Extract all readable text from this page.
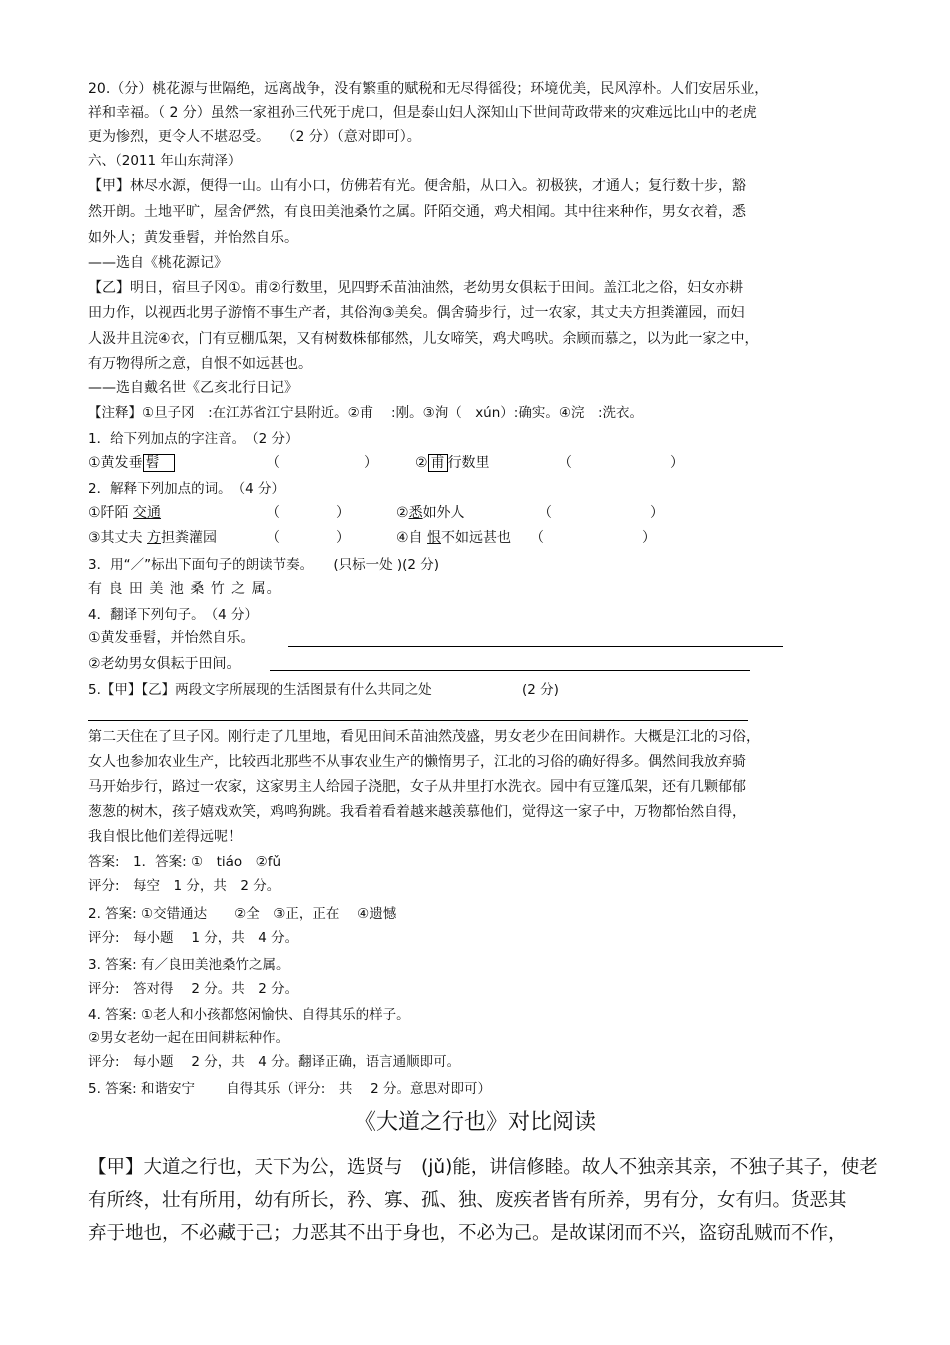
20.（分）桃花源与世隔绝，远离战争，没有繁重的赋税和无尽得徭役；环境优美，民风淳朴。人们安居乐业，
祥和幸福。（ 2 分）虽然一家祖孙三代死于虎口，但是泰山妇人深知山下世间苛政带来的灾难远比山中的老虎
更为惨烈，更令人不堪忍受。　 （2 分）（意对即可）。
六、（2011 年山东菏泽）
【甲】林尽水源，便得一山。山有小口，仿佛若有光。便舍船，从口入。初极狭，才通人；复行数十步，豁
然开朗。土地平旷，屋舍俨然，有良田美池桑竹之属。阡陌交通，鸡犬相闻。其中往来种作，男女衣着，悉
如外人；黄发垂髫，并怡然自乐。
——选自《桃花源记》
【乙】明日，宿旦子冈①。甫②行数里，见四野禾苗油油然，老幼男女俱耘于田间。盖江北之俗，妇女亦耕
田力作，以视西北男子游惰不事生产者，其俗洵③美矣。偶舍骑步行，过一农家，其丈夫方担粪灌园，而妇
人汲井且浣④衣，门有豆棚瓜架，又有树数株郁郁然，儿女啼笑，鸡犬鸣吠。余顾而慕之，以为此一家之中，
有万物得所之意，自恨不如远甚也。
——选自戴名世《乙亥北行日记》
【注释】①旦子冈　:在江苏省江宁县附近。②甫　 :刚。③洵（　xún）:确实。④浣　:洗衣。
1．给下列加点的字注音。　（2 分）
①黄发垂 髫	（　　　　　　）	② 甫 行数里	（　　　　　　　）
2．解释下列加点的词。　（4 分）
①阡陌 交通	（　　　　）	②悉如外人	（　　　　　　　）
③其丈夫 方担粪灌园	（　　　　）	④自 恨不如远甚也 （　　　　　　　）
3．用“／”标出下面句子的朗读节奏。　　(只标一处 )(2 分)
有 良 田 美 池 桑 竹 之 属。
4．翻译下列句子。　（4 分）
①黄发垂髫，并怡然自乐。
②老幼男女俱耘于田间。
5.【甲】【乙】两段文字所展现的生活图景有什么共同之处	(2 分)
第二天住在了旦子冈。刚行走了几里地，看见田间禾苗油然茂盛，男女老少在田间耕作。大概是江北的习俗，
女人也参加农业生产，比较西北那些不从事农业生产的懒惰男子，江北的习俗的确好得多。偶然间我放弃骑
马开始步行，路过一农家，这家男主人给园子浇肥，女子从井里打水洗衣。园中有豆篷瓜架，还有几颗郁郁
葱葱的树木，孩子嬉戏欢笑，鸡鸣狗跳。我看着看着越来越羡慕他们，觉得这一家子中，万物都怡然自得，
我自恨比他们差得远呢！
答案:　1．答案: ①　tiáo　②fǔ
评分:　每空　1 分，共　2 分。
2. 答案: ①交错通达　　②全　③正，正在　 ④遗憾
评分:　每小题　 1 分，共　4 分。
3. 答案: 有／良田美池桑竹之属。
评分:　答对得　 2 分。共　2 分。
4. 答案: ①老人和小孩都悠闲愉快、自得其乐的样子。
②男女老幼一起在田间耕耘种作。
评分:　每小题　 2 分，共　4 分。翻译正确，语言通顺即可。
5. 答案: 和谐安宁　　 自得其乐（评分:　共　 2 分。意思对即可）
《大道之行也》对比阅读
【甲】大道之行也，天下为公，选贤与　(jǔ)能，讲信修睦。故人不独亲其亲，不独子其子，使老
有所终，壮有所用，幼有所长，矜、寡、孤、独、废疾者皆有所养，男有分，女有归。货恶其
弃于地也，不必藏于己；力恶其不出于身也，不必为己。是故谋闭而不兴，盗窃乱贼而不作，
